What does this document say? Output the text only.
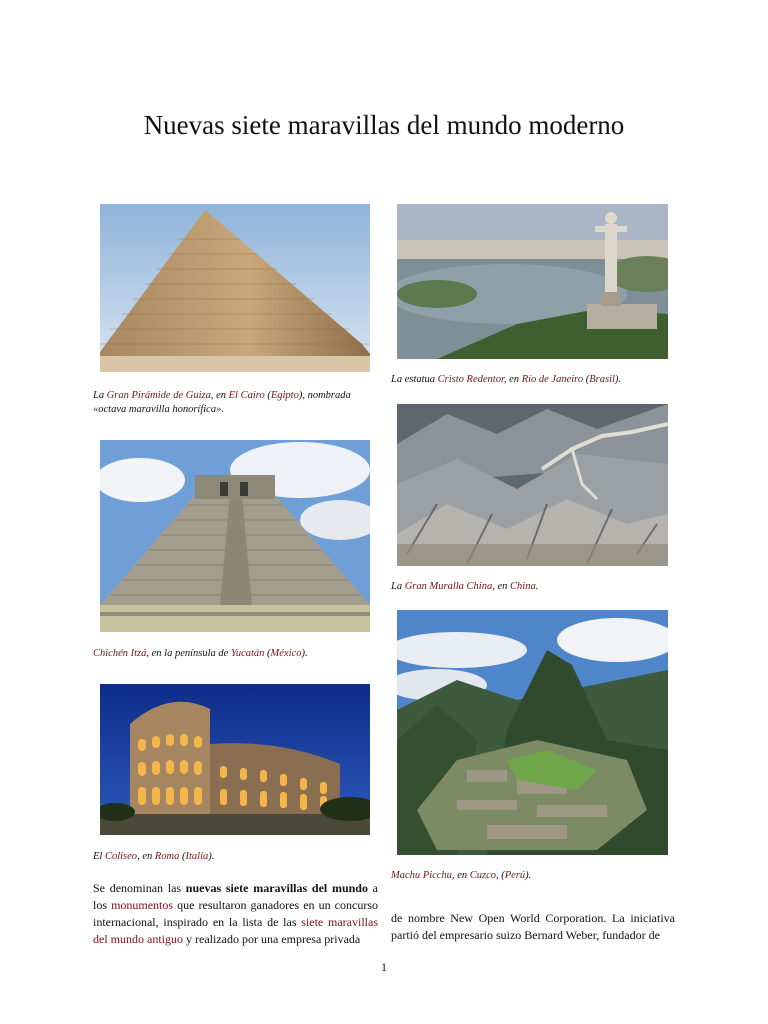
Nuevas siete maravillas del mundo moderno
La Gran Pirámide de Guiza, en El Cairo (Egipto), nombrada «octava maravilla honorífica».
La estatua Cristo Redentor, en Río de Janeiro (Brasil).
La Gran Muralla China, en China.
Chichén Itzá, en la península de Yucatán (México).
Machu Picchu, en Cuzco, (Perú).
El Coliseo, en Roma (Italia).
Se denominan las nuevas siete maravillas del mundo a los monumentos que resultaron ganadores en un concurso internacional, inspirado en la lista de las siete maravillas del mundo antiguo y realizado por una empresa privada
de nombre New Open World Corporation. La iniciativa partió del empresario suizo Bernard Weber, fundador de
1
